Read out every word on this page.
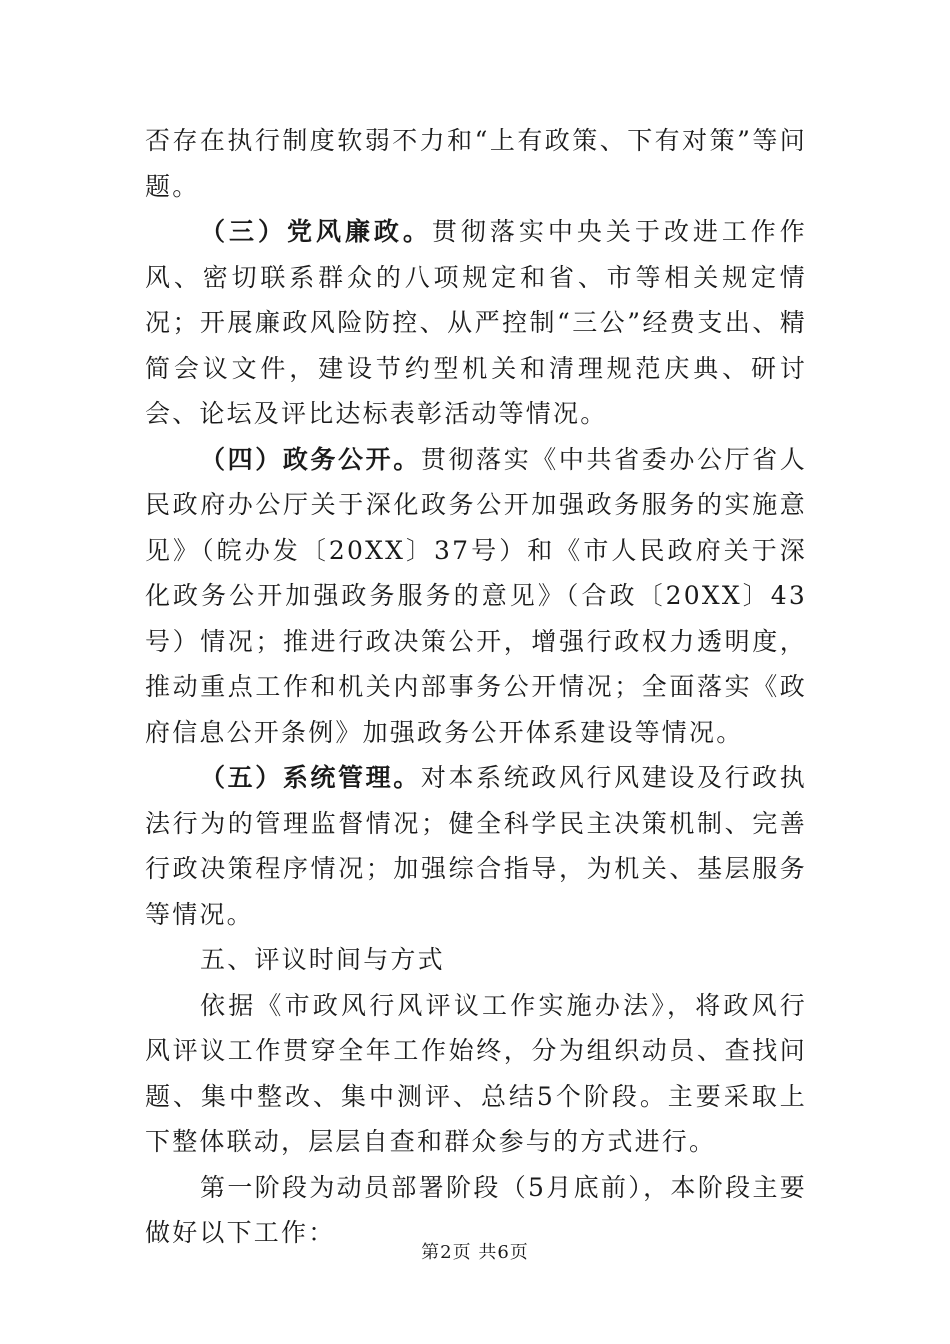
否存在执行制度软弱不力和“上有政策、下有对策”等问题。

（三）党风廉政。贯彻落实中央关于改进工作作风、密切联系群众的八项规定和省、市等相关规定情况；开展廉政风险防控、从严控制“三公”经费支出、精简会议文件，建设节约型机关和清理规范庆典、研讨会、论坛及评比达标表彰活动等情况。

（四）政务公开。贯彻落实《中共省委办公厅省人民政府办公厅关于深化政务公开加强政务服务的实施意见》（皖办发〔20XX〕37号）和《市人民政府关于深化政务公开加强政务服务的意见》（合政〔20XX〕43号）情况；推进行政决策公开，增强行政权力透明度，推动重点工作和机关内部事务公开情况；全面落实《政府信息公开条例》加强政务公开体系建设等情况。

（五）系统管理。对本系统政风行风建设及行政执法行为的管理监督情况；健全科学民主决策机制、完善行政决策程序情况；加强综合指导，为机关、基层服务等情况。

五、评议时间与方式

依据《市政风行风评议工作实施办法》，将政风行风评议工作贯穿全年工作始终，分为组织动员、查找问题、集中整改、集中测评、总结5个阶段。主要采取上下整体联动，层层自查和群众参与的方式进行。

第一阶段为动员部署阶段（5月底前），本阶段主要做好以下工作：

第2页 共6页
